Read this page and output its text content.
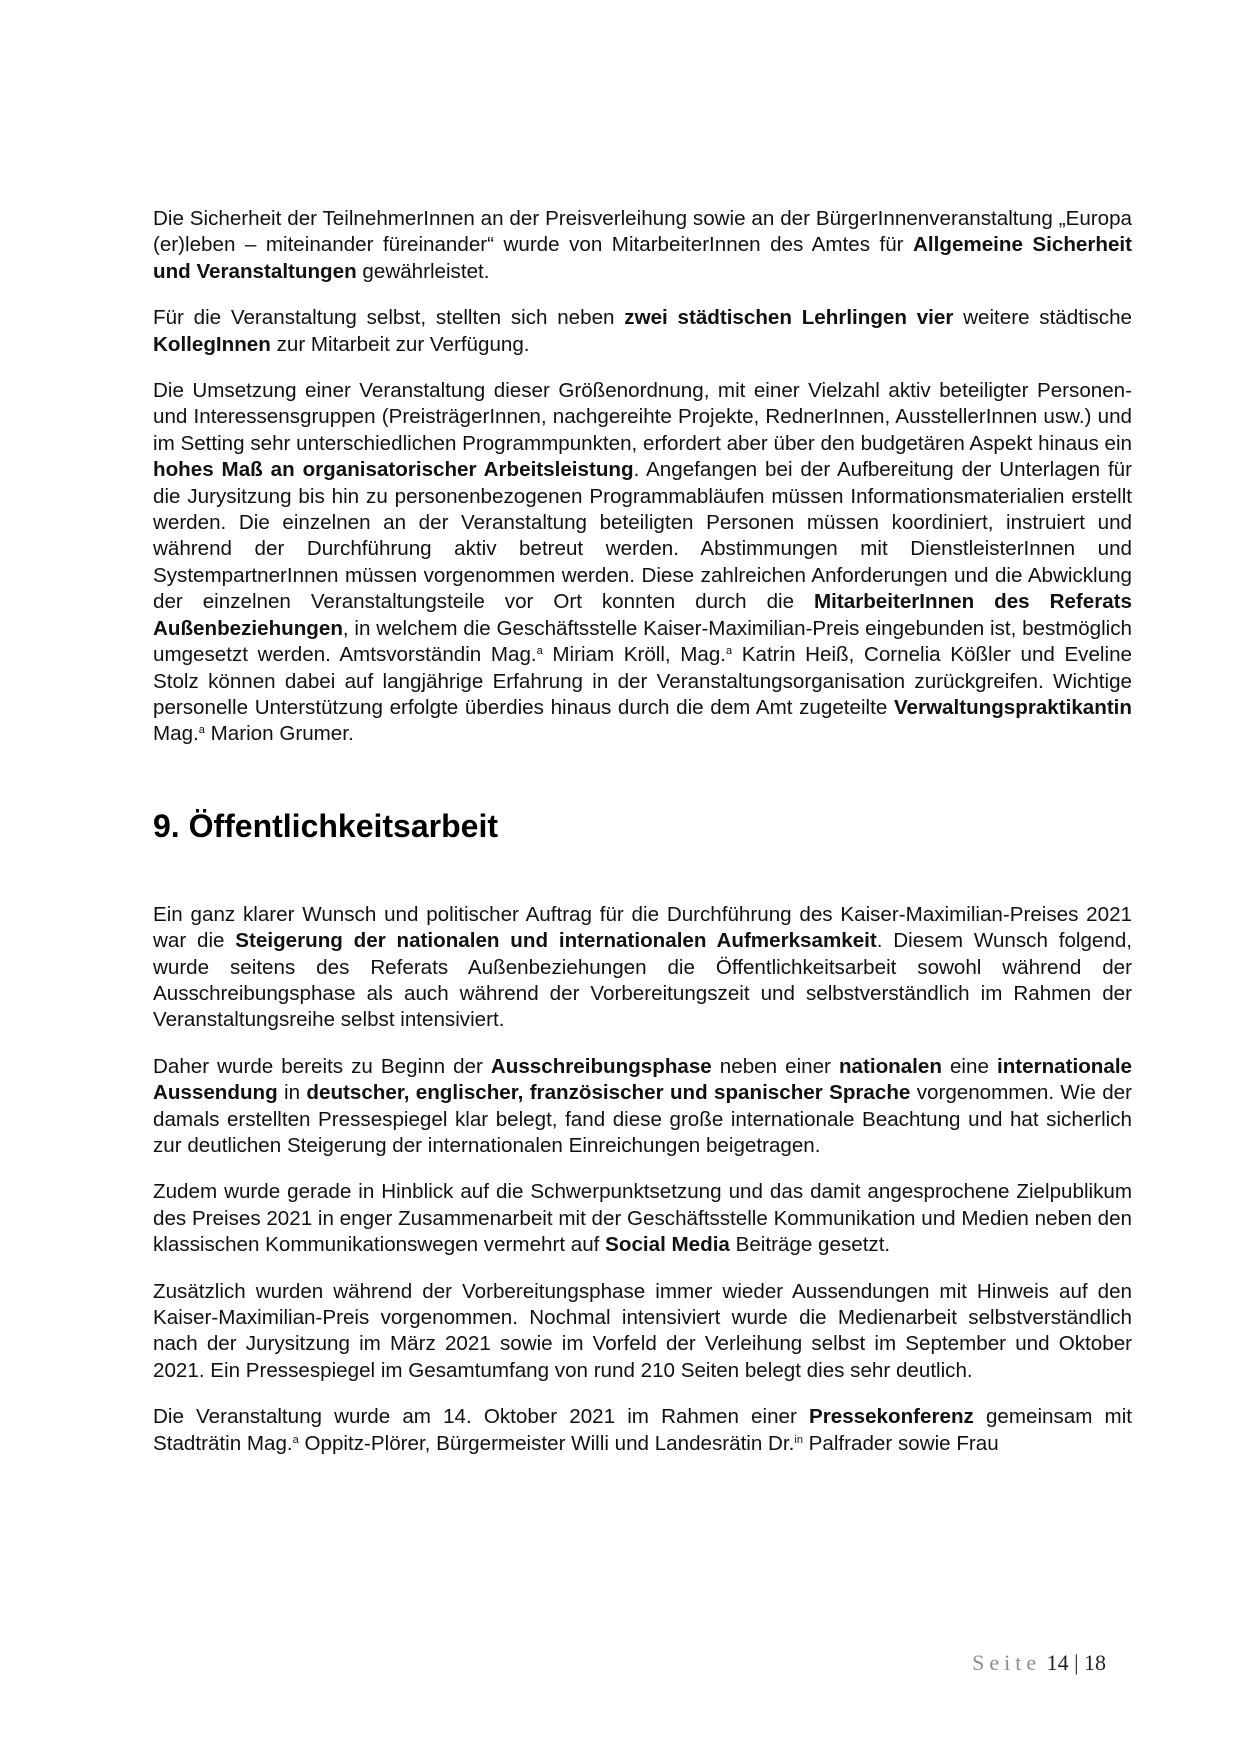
Die Sicherheit der TeilnehmerInnen an der Preisverleihung sowie an der BürgerInnenveranstaltung „Europa (er)leben – miteinander füreinander“ wurde von MitarbeiterInnen des Amtes für Allgemeine Sicherheit und Veranstaltungen gewährleistet.

Für die Veranstaltung selbst, stellten sich neben zwei städtischen Lehrlingen vier weitere städtische KollegInnen zur Mitarbeit zur Verfügung.

Die Umsetzung einer Veranstaltung dieser Größenordnung, mit einer Vielzahl aktiv beteiligter Personen- und Interessensgruppen (PreisträgerInnen, nachgereihte Projekte, RednerInnen, AusstellerInnen usw.) und im Setting sehr unterschiedlichen Programmpunkten, erfordert aber über den budgetären Aspekt hinaus ein hohes Maß an organisatorischer Arbeitsleistung. Angefangen bei der Aufbereitung der Unterlagen für die Jurysitzung bis hin zu personenbezogenen Programmabläufen müssen Informationsmaterialien erstellt werden. Die einzelnen an der Veranstaltung beteiligten Personen müssen koordiniert, instruiert und während der Durchführung aktiv betreut werden. Abstimmungen mit DienstleisterInnen und SystempartnerInnen müssen vorgenommen werden. Diese zahlreichen Anforderungen und die Abwicklung der einzelnen Veranstaltungsteile vor Ort konnten durch die MitarbeiterInnen des Referats Außenbeziehungen, in welchem die Geschäftsstelle Kaiser-Maximilian-Preis eingebunden ist, bestmöglich umgesetzt werden. Amtsvorständin Mag.$^a$ Miriam Kröll, Mag.$^a$ Katrin Heiß, Cornelia Kößler und Eveline Stolz können dabei auf langjährige Erfahrung in der Veranstaltungsorganisation zurückgreifen. Wichtige personelle Unterstützung erfolgte überdies hinaus durch die dem Amt zugeteilte Verwaltungspraktikantin Mag.$^a$ Marion Grumer.

9. Öffentlichkeitsarbeit

Ein ganz klarer Wunsch und politischer Auftrag für die Durchführung des Kaiser-Maximilian-Preises 2021 war die Steigerung der nationalen und internationalen Aufmerksamkeit. Diesem Wunsch folgend, wurde seitens des Referats Außenbeziehungen die Öffentlichkeitsarbeit sowohl während der Ausschreibungsphase als auch während der Vorbereitungszeit und selbstverständlich im Rahmen der Veranstaltungsreihe selbst intensiviert.

Daher wurde bereits zu Beginn der Ausschreibungsphase neben einer nationalen eine internationale Aussendung in deutscher, englischer, französischer und spanischer Sprache vorgenommen. Wie der damals erstellten Pressespiegel klar belegt, fand diese große internationale Beachtung und hat sicherlich zur deutlichen Steigerung der internationalen Einreichungen beigetragen.

Zudem wurde gerade in Hinblick auf die Schwerpunktsetzung und das damit angesprochene Zielpublikum des Preises 2021 in enger Zusammenarbeit mit der Geschäftsstelle Kommunikation und Medien neben den klassischen Kommunikationswegen vermehrt auf Social Media Beiträge gesetzt.

Zusätzlich wurden während der Vorbereitungsphase immer wieder Aussendungen mit Hinweis auf den Kaiser-Maximilian-Preis vorgenommen. Nochmal intensiviert wurde die Medienarbeit selbstverständlich nach der Jurysitzung im März 2021 sowie im Vorfeld der Verleihung selbst im September und Oktober 2021. Ein Pressespiegel im Gesamtumfang von rund 210 Seiten belegt dies sehr deutlich.

Die Veranstaltung wurde am 14. Oktober 2021 im Rahmen einer Pressekonferenz gemeinsam mit Stadträtin Mag.$^a$ Oppitz-Plörer, Bürgermeister Willi und Landesrätin Dr.$^{in}$ Palfrader sowie Frau

Seite 14 | 18
